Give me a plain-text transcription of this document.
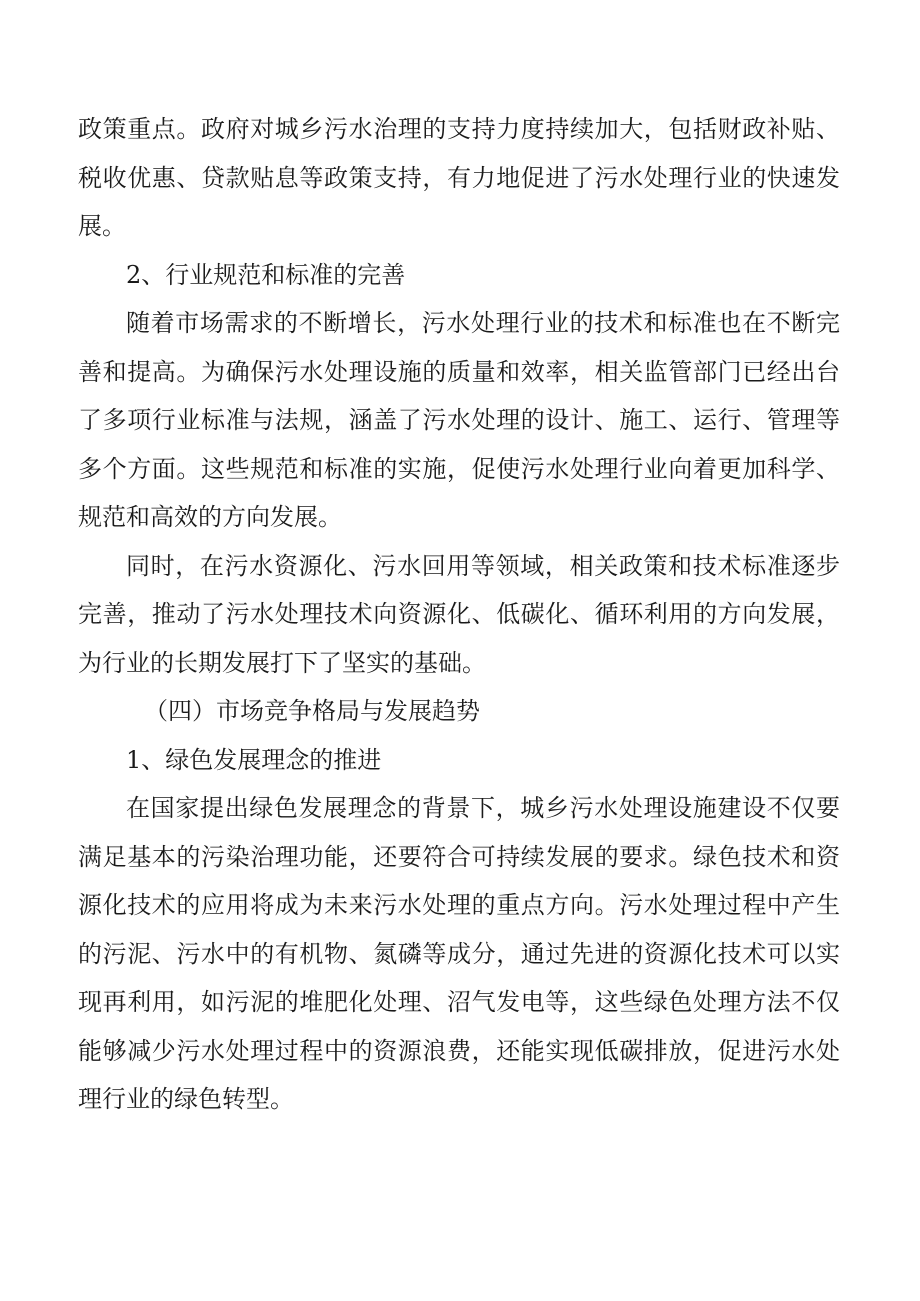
政策重点。政府对城乡污水治理的支持力度持续加大，包括财政补贴、税收优惠、贷款贴息等政策支持，有力地促进了污水处理行业的快速发展。

2、行业规范和标准的完善

随着市场需求的不断增长，污水处理行业的技术和标准也在不断完善和提高。为确保污水处理设施的质量和效率，相关监管部门已经出台了多项行业标准与法规，涵盖了污水处理的设计、施工、运行、管理等多个方面。这些规范和标准的实施，促使污水处理行业向着更加科学、规范和高效的方向发展。

同时，在污水资源化、污水回用等领域，相关政策和技术标准逐步完善，推动了污水处理技术向资源化、低碳化、循环利用的方向发展，为行业的长期发展打下了坚实的基础。

（四）市场竞争格局与发展趋势

1、绿色发展理念的推进

在国家提出绿色发展理念的背景下，城乡污水处理设施建设不仅要满足基本的污染治理功能，还要符合可持续发展的要求。绿色技术和资源化技术的应用将成为未来污水处理的重点方向。污水处理过程中产生的污泥、污水中的有机物、氮磷等成分，通过先进的资源化技术可以实现再利用，如污泥的堆肥化处理、沼气发电等，这些绿色处理方法不仅能够减少污水处理过程中的资源浪费，还能实现低碳排放，促进污水处理行业的绿色转型。
